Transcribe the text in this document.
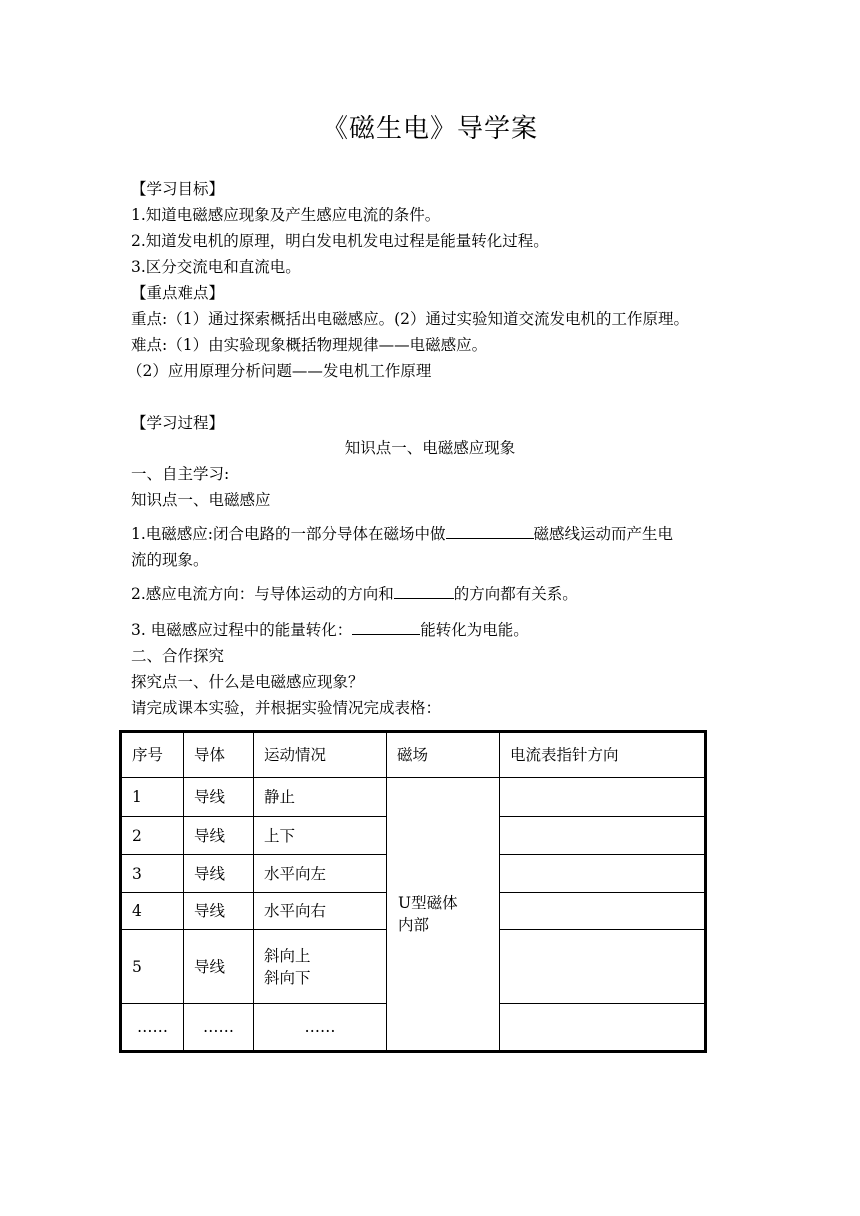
《磁生电》导学案
【学习目标】
1.知道电磁感应现象及产生感应电流的条件。
2.知道发电机的原理，明白发电机发电过程是能量转化过程。
3.区分交流电和直流电。
【重点难点】
重点:（1）通过探索概括出电磁感应。(2）通过实验知道交流发电机的工作原理。
难点:（1）由实验现象概括物理规律——电磁感应。
（2）应用原理分析问题——发电机工作原理
【学习过程】
知识点一、电磁感应现象
一、自主学习:
知识点一、电磁感应
1.电磁感应:闭合电路的一部分导体在磁场中做	磁感线运动而产生电
流的现象。
2.感应电流方向：与导体运动的方向和	的方向都有关系。
3. 电磁感应过程中的能量转化：	能转化为电能。
二、合作探究
探究点一、什么是电磁感应现象？
请完成课本实验，并根据实验情况完成表格：
序号	导体	运动情况	磁场	电流表指针方向
1	导线	静止	U型磁体
内部	

2	导线	上下		
3	导线	水平向左		
4	导线	水平向右		
5	导线	斜向上
斜向下		

……	……	……		
